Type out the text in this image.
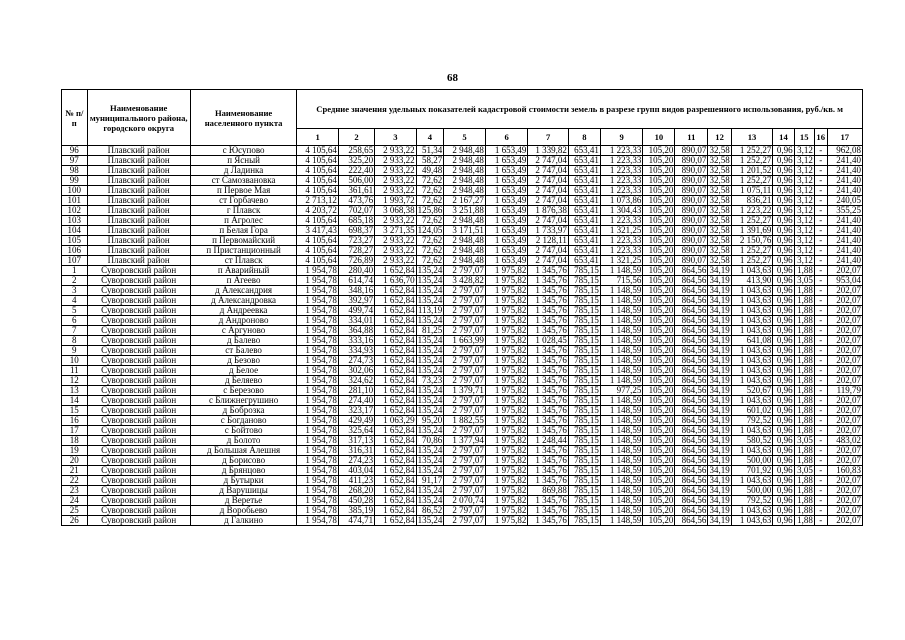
68
№ п/п	Наименование муниципального района, городского округа	Наименование населенного пункта	Средние значения удельных показателей кадастровой стоимости земель в разрезе групп видов разрешенного использования, руб./кв. м																
			1	2	3	4	5	6	7	8	9	10	11	12	13	14	15	16	17
96	Плавский район	с Юсупово	4 105,64	258,65	2 933,22	51,34	2 948,48	1 653,49	1 339,82	653,41	1 223,33	105,20	890,07	32,58	1 252,27	0,96	3,12	-	962,08
97	Плавский район	п Ясный	4 105,64	325,20	2 933,22	58,27	2 948,48	1 653,49	2 747,04	653,41	1 223,33	105,20	890,07	32,58	1 252,27	0,96	3,12	-	241,40
98	Плавский район	д Ладинка	4 105,64	222,40	2 933,22	49,48	2 948,48	1 653,49	2 747,04	653,41	1 223,33	105,20	890,07	32,58	1 201,52	0,96	3,12	-	241,40
99	Плавский район	ст Самозвановка	4 105,64	506,00	2 933,22	72,62	2 948,48	1 653,49	2 747,04	653,41	1 223,33	105,20	890,07	32,58	1 252,27	0,96	3,12	-	241,40
100	Плавский район	п Первое Мая	4 105,64	361,61	2 933,22	72,62	2 948,48	1 653,49	2 747,04	653,41	1 223,33	105,20	890,07	32,58	1 075,11	0,96	3,12	-	241,40
101	Плавский район	ст Горбачево	2 713,12	473,76	1 993,72	72,62	2 167,27	1 653,49	2 747,04	653,41	1 073,86	105,20	890,07	32,58	836,21	0,96	3,12	-	240,05
102	Плавский район	г Плавск	4 203,72	702,07	3 068,38	125,86	3 251,88	1 653,49	1 876,38	653,41	1 304,43	105,20	890,07	32,58	1 223,22	0,96	3,12	-	355,25
103	Плавский район	п Агролес	4 105,64	685,18	2 933,22	72,62	2 948,48	1 653,49	2 747,04	653,41	1 223,33	105,20	890,07	32,58	1 252,27	0,96	3,12	-	241,40
104	Плавский район	п Белая Гора	3 417,43	698,37	3 271,35	124,05	3 171,51	1 653,49	1 733,97	653,41	1 321,25	105,20	890,07	32,58	1 391,69	0,96	3,12	-	241,40
105	Плавский район	п Первомайский	4 105,64	723,27	2 933,22	72,62	2 948,48	1 653,49	2 128,11	653,41	1 223,33	105,20	890,07	32,58	2 150,76	0,96	3,12	-	241,40
106	Плавский район	п Пристанционный	4 105,64	728,27	2 933,22	72,62	2 948,48	1 653,49	2 747,04	653,41	1 223,33	105,20	890,07	32,58	1 252,27	0,96	3,12	-	241,40
107	Плавский район	ст Плавск	4 105,64	726,89	2 933,22	72,62	2 948,48	1 653,49	2 747,04	653,41	1 321,25	105,20	890,07	32,58	1 252,27	0,96	3,12	-	241,40
1	Суворовский район	п Аварийный	1 954,78	280,40	1 652,84	135,24	2 797,07	1 975,82	1 345,76	785,15	1 148,59	105,20	864,56	34,19	1 043,63	0,96	1,88	-	202,07
2	Суворовский район	п Агеево	1 954,78	614,74	1 636,70	135,24	3 428,82	1 975,82	1 345,76	785,15	715,56	105,20	864,56	34,19	413,90	0,96	3,05	-	953,04
3	Суворовский район	д Александрия	1 954,78	348,16	1 652,84	135,24	2 797,07	1 975,82	1 345,76	785,15	1 148,59	105,20	864,56	34,19	1 043,63	0,96	1,88	-	202,07
4	Суворовский район	д Александровка	1 954,78	392,97	1 652,84	135,24	2 797,07	1 975,82	1 345,76	785,15	1 148,59	105,20	864,56	34,19	1 043,63	0,96	1,88	-	202,07
5	Суворовский район	д Андреевка	1 954,78	499,74	1 652,84	113,19	2 797,07	1 975,82	1 345,76	785,15	1 148,59	105,20	864,56	34,19	1 043,63	0,96	1,88	-	202,07
6	Суворовский район	д Андроново	1 954,78	334,01	1 652,84	135,24	2 797,07	1 975,82	1 345,76	785,15	1 148,59	105,20	864,56	34,19	1 043,63	0,96	1,88	-	202,07
7	Суворовский район	с Аргуново	1 954,78	364,88	1 652,84	81,25	2 797,07	1 975,82	1 345,76	785,15	1 148,59	105,20	864,56	34,19	1 043,63	0,96	1,88	-	202,07
8	Суворовский район	д Балево	1 954,78	333,16	1 652,84	135,24	1 663,99	1 975,82	1 028,45	785,15	1 148,59	105,20	864,56	34,19	641,08	0,96	1,88	-	202,07
9	Суворовский район	ст Балево	1 954,78	334,93	1 652,84	135,24	2 797,07	1 975,82	1 345,76	785,15	1 148,59	105,20	864,56	34,19	1 043,63	0,96	1,88	-	202,07
10	Суворовский район	д Безово	1 954,78	274,73	1 652,84	135,24	2 797,07	1 975,82	1 345,76	785,15	1 148,59	105,20	864,56	34,19	1 043,63	0,96	1,88	-	202,07
11	Суворовский район	д Белое	1 954,78	302,06	1 652,84	135,24	2 797,07	1 975,82	1 345,76	785,15	1 148,59	105,20	864,56	34,19	1 043,63	0,96	1,88	-	202,07
12	Суворовский район	д Беляево	1 954,78	324,62	1 652,84	73,23	2 797,07	1 975,82	1 345,76	785,15	1 148,59	105,20	864,56	34,19	1 043,63	0,96	1,88	-	202,07
13	Суворовский район	с Березово	1 954,78	281,10	1 652,84	135,24	1 379,71	1 975,82	1 345,76	785,15	977,25	105,20	864,56	34,19	520,67	0,96	1,88	-	119,79
14	Суворовский район	с Ближнегрушино	1 954,78	274,40	1 652,84	135,24	2 797,07	1 975,82	1 345,76	785,15	1 148,59	105,20	864,56	34,19	1 043,63	0,96	1,88	-	202,07
15	Суворовский район	д Боброзка	1 954,78	323,17	1 652,84	135,24	2 797,07	1 975,82	1 345,76	785,15	1 148,59	105,20	864,56	34,19	601,02	0,96	1,88	-	202,07
16	Суворовский район	с Богданово	1 954,78	429,49	1 063,29	95,20	1 882,55	1 975,82	1 345,76	785,15	1 148,59	105,20	864,56	34,19	792,52	0,96	1,88	-	202,07
17	Суворовский район	с Бойтово	1 954,78	325,64	1 652,84	135,24	2 797,07	1 975,82	1 345,76	785,15	1 148,59	105,20	864,56	34,19	1 043,63	0,96	1,88	-	202,07
18	Суворовский район	д Болото	1 954,78	317,13	1 652,84	70,86	1 377,94	1 975,82	1 248,44	785,15	1 148,59	105,20	864,56	34,19	580,52	0,96	3,05	-	483,02
19	Суворовский район	д Большая Алешня	1 954,78	316,31	1 652,84	135,24	2 797,07	1 975,82	1 345,76	785,15	1 148,59	105,20	864,56	34,19	1 043,63	0,96	1,88	-	202,07
20	Суворовский район	д Борисово	1 954,78	274,23	1 652,84	135,24	2 797,07	1 975,82	1 345,76	785,15	1 148,59	105,20	864,56	34,19	500,00	0,96	1,88	-	202,07
21	Суворовский район	д Брянцово	1 954,78	403,04	1 652,84	135,24	2 797,07	1 975,82	1 345,76	785,15	1 148,59	105,20	864,56	34,19	701,92	0,96	3,05	-	160,83
22	Суворовский район	д Бутырки	1 954,78	411,23	1 652,84	91,17	2 797,07	1 975,82	1 345,76	785,15	1 148,59	105,20	864,56	34,19	1 043,63	0,96	1,88	-	202,07
23	Суворовский район	д Варушицы	1 954,78	268,20	1 652,84	135,24	2 797,07	1 975,82	869,88	785,15	1 148,59	105,20	864,56	34,19	500,00	0,96	1,88	-	202,07
24	Суворовский район	д Веретье	1 954,78	450,28	1 652,84	135,24	2 070,74	1 975,82	1 345,76	785,15	1 148,59	105,20	864,56	34,19	792,52	0,96	1,88	-	202,07
25	Суворовский район	д Воробьево	1 954,78	385,19	1 652,84	86,52	2 797,07	1 975,82	1 345,76	785,15	1 148,59	105,20	864,56	34,19	1 043,63	0,96	1,88	-	202,07
26	Суворовский район	д Галкино	1 954,78	474,71	1 652,84	135,24	2 797,07	1 975,82	1 345,76	785,15	1 148,59	105,20	864,56	34,19	1 043,63	0,96	1,88	-	202,07
